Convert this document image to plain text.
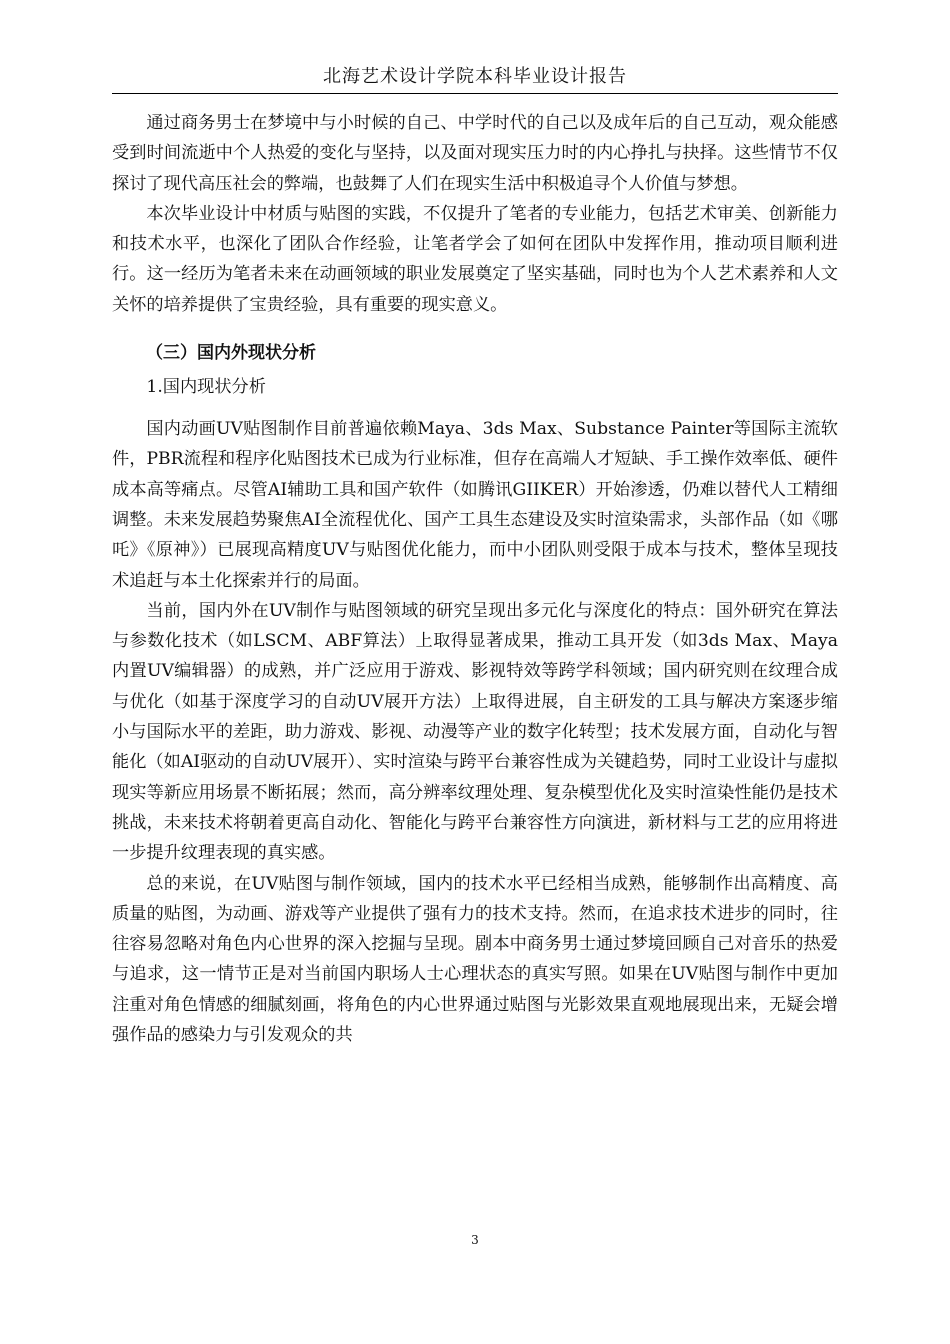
北海艺术设计学院本科毕业设计报告

通过商务男士在梦境中与小时候的自己、中学时代的自己以及成年后的自己互动，观众能感受到时间流逝中个人热爱的变化与坚持，以及面对现实压力时的内心挣扎与抉择。这些情节不仅探讨了现代高压社会的弊端，也鼓舞了人们在现实生活中积极追寻个人价值与梦想。

本次毕业设计中材质与贴图的实践，不仅提升了笔者的专业能力，包括艺术审美、创新能力和技术水平，也深化了团队合作经验，让笔者学会了如何在团队中发挥作用，推动项目顺利进行。这一经历为笔者未来在动画领域的职业发展奠定了坚实基础，同时也为个人艺术素养和人文关怀的培养提供了宝贵经验，具有重要的现实意义。

（三）国内外现状分析
1.国内现状分析

国内动画UV贴图制作目前普遍依赖Maya、3ds Max、Substance Painter等国际主流软件，PBR流程和程序化贴图技术已成为行业标准，但存在高端人才短缺、手工操作效率低、硬件成本高等痛点。尽管AI辅助工具和国产软件（如腾讯GIIKER）开始渗透，仍难以替代人工精细调整。未来发展趋势聚焦AI全流程优化、国产工具生态建设及实时渲染需求，头部作品（如《哪吒》《原神》）已展现高精度UV与贴图优化能力，而中小团队则受限于成本与技术，整体呈现技术追赶与本土化探索并行的局面。

当前，国内外在UV制作与贴图领域的研究呈现出多元化与深度化的特点：国外研究在算法与参数化技术（如LSCM、ABF算法）上取得显著成果，推动工具开发（如3ds Max、Maya内置UV编辑器）的成熟，并广泛应用于游戏、影视特效等跨学科领域；国内研究则在纹理合成与优化（如基于深度学习的自动UV展开方法）上取得进展，自主研发的工具与解决方案逐步缩小与国际水平的差距，助力游戏、影视、动漫等产业的数字化转型；技术发展方面，自动化与智能化（如AI驱动的自动UV展开）、实时渲染与跨平台兼容性成为关键趋势，同时工业设计与虚拟现实等新应用场景不断拓展；然而，高分辨率纹理处理、复杂模型优化及实时渲染性能仍是技术挑战，未来技术将朝着更高自动化、智能化与跨平台兼容性方向演进，新材料与工艺的应用将进一步提升纹理表现的真实感。

总的来说，在UV贴图与制作领域，国内的技术水平已经相当成熟，能够制作出高精度、高质量的贴图，为动画、游戏等产业提供了强有力的技术支持。然而，在追求技术进步的同时，往往容易忽略对角色内心世界的深入挖掘与呈现。剧本中商务男士通过梦境回顾自己对音乐的热爱与追求，这一情节正是对当前国内职场人士心理状态的真实写照。如果在UV贴图与制作中更加注重对角色情感的细腻刻画，将角色的内心世界通过贴图与光影效果直观地展现出来，无疑会增强作品的感染力与引发观众的共

3
